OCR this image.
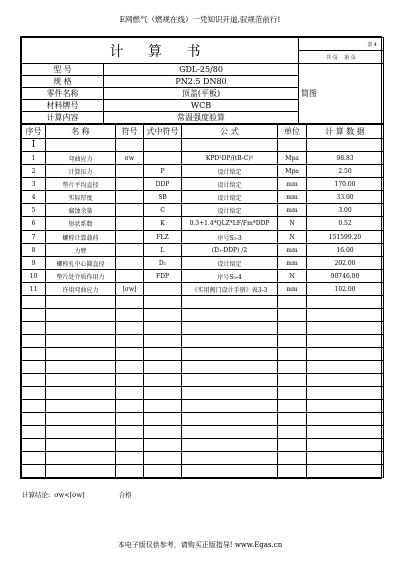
E网燃气（燃规在线）一凭知识开道,驭规范前行!
计 算 书		表 4
		共 页 第 页
型 号	GDL-25/80	简图

规 格	PN2.5 DN80	
零件名称	顶盖(平板)	
材料牌号	WCB	
计算内容	常温强度验算	
序号	名 称	符号	式中符号	公 式	单位	计 算 数 据
I						
1	弯曲应力	σw		KPD²DP/(tB-C)²	Mpa	98.83
2	计算压力		P	设计给定	Mpa	2.50
3	垫片平均直径		DDP	设计给定	mm	170.00
4	实际厚度		SB	设计给定	mm	33.00
5	腐蚀余量		C	设计给定	mm	3.00
6	形状系数		K	0.3+1.4*QLZ*LF/Fm*DDP	N	0.52
7	螺栓计算载荷		FLZ	序号S₃-3	N	151599.20
8	力臂		L	(D₁-DDP) /2	mm	16.00
9	螺栓孔中心圆直径		D₁	设计给定	mm	202.00
10	垫片处介质作用力		FDP	序号S₃-4	N	90746.00
11	许用弯曲应力	[σw]		《实用阀门设计手册》表3-3	mm	102.00

计算结论: σw<[σw]	合格
本电子版仅供参考，请购买正版指导! www.Egas.cn
